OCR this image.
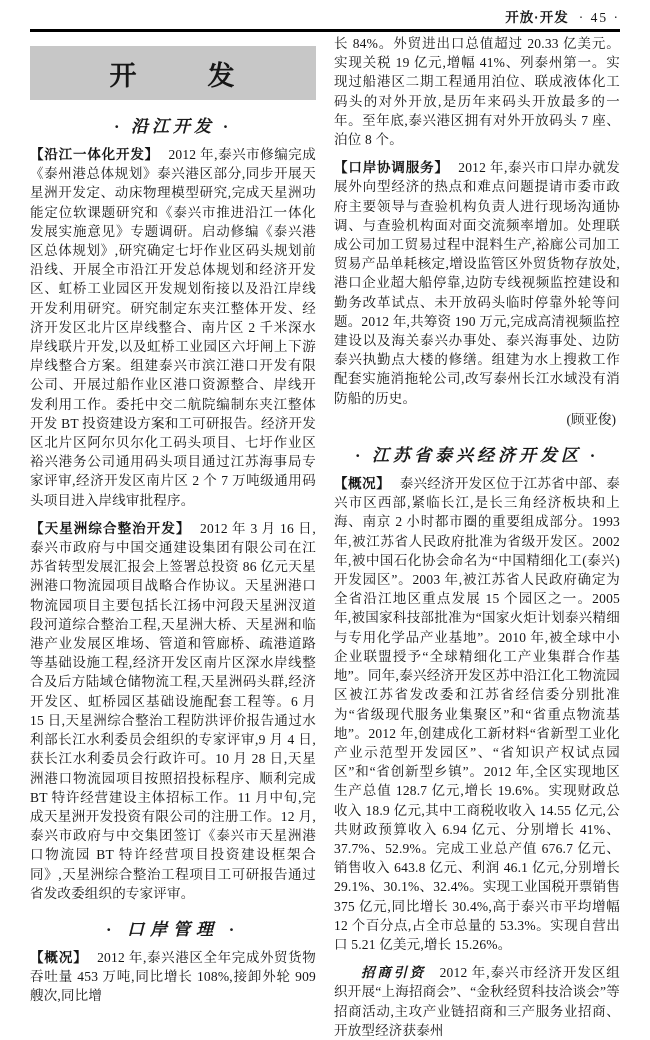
开放·开发 · 45 ·
开 发
· 沿江开发 ·

【沿江一体化开发】 2012 年,泰兴市修编完成《泰州港总体规划》泰兴港区部分,同步开展天星洲开发定、动床物理模型研究,完成天星洲功能定位软课题研究和《泰兴市推进沿江一体化发展实施意见》专题调研。启动修编《泰兴港区总体规划》,研究确定七圩作业区码头规划前沿线、开展全市沿江开发总体规划和经济开发区、虹桥工业园区开发规划衔接以及沿江岸线开发利用研究。研究制定东夹江整体开发、经济开发区北片区岸线整合、南片区 2 千米深水岸线联片开发,以及虹桥工业园区六圩闸上下游岸线整合方案。组建泰兴市滨江港口开发有限公司、开展过船作业区港口资源整合、岸线开发利用工作。委托中交二航院编制东夹江整体开发 BT 投资建设方案和工可研报告。经济开发区北片区阿尔贝尔化工码头项目、七圩作业区裕兴港务公司通用码头项目通过江苏海事局专家评审,经济开发区南片区 2 个 7 万吨级通用码头项目进入岸线审批程序。

【天星洲综合整治开发】 2012 年 3 月 16 日,泰兴市政府与中国交通建设集团有限公司在江苏省转型发展汇报会上签署总投资 86 亿元天星洲港口物流园项目战略合作协议。天星洲港口物流园项目主要包括长江扬中河段天星洲汊道段河道综合整治工程,天星洲大桥、天星洲和临港产业发展区堆场、管道和管廊桥、疏港道路等基础设施工程,经济开发区南片区深水岸线整合及后方陆域仓储物流工程,天星洲码头群,经济开发区、虹桥园区基础设施配套工程等。6 月 15 日,天星洲综合整治工程防洪评价报告通过水利部长江水利委员会组织的专家评审,9 月 4 日,获长江水利委员会行政许可。10 月 28 日,天星洲港口物流园项目按照招投标程序、顺利完成 BT 特许经营建设主体招标工作。11 月中旬,完成天星洲开发投资有限公司的注册工作。12 月,泰兴市政府与中交集团签订《泰兴市天星洲港口物流园 BT 特许经营项目投资建设框架合同》,天星洲综合整治工程项目工可研报告通过省发改委组织的专家评审。

· 口岸管理 ·

【概况】 2012 年,泰兴港区全年完成外贸货物吞吐量 453 万吨,同比增长 108%,接卸外轮 909 艘次,同比增

长 84%。外贸进出口总值超过 20.33 亿美元。实现关税 19 亿元,增幅 41%、列泰州第一。实现过船港区二期工程通用泊位、联成液体化工码头的对外开放,是历年来码头开放最多的一年。至年底,泰兴港区拥有对外开放码头 7 座、泊位 8 个。

【口岸协调服务】 2012 年,泰兴市口岸办就发展外向型经济的热点和难点问题提请市委市政府主要领导与查验机构负责人进行现场沟通协调、与查验机构面对面交流频率增加。处理联成公司加工贸易过程中混料生产,裕廊公司加工贸易产品单耗核定,增设监管区外贸货物存放处,港口企业超大船停靠,边防专线视频监控建设和勤务改革试点、未开放码头临时停靠外轮等问题。2012 年,共筹资 190 万元,完成高清视频监控建设以及海关泰兴办事处、泰兴海事处、边防泰兴执勤点大楼的修缮。组建为水上搜救工作配套实施消拖轮公司,改写泰州长江水域没有消防船的历史。

(顾亚俊)

· 江苏省泰兴经济开发区 ·

【概况】 泰兴经济开发区位于江苏省中部、泰兴市区西部,紧临长江,是长三角经济板块和上海、南京 2 小时都市圈的重要组成部分。1993 年,被江苏省人民政府批准为省级开发区。2002 年,被中国石化协会命名为“中国精细化工(泰兴)开发园区”。2003 年,被江苏省人民政府确定为全省沿江地区重点发展 15 个园区之一。2005 年,被国家科技部批准为“国家火炬计划泰兴精细与专用化学品产业基地”。2010 年,被全球中小企业联盟授予“全球精细化工产业集群合作基地”。同年,泰兴经济开发区苏中沿江化工物流园区被江苏省发改委和江苏省经信委分别批准为“省级现代服务业集聚区”和“省重点物流基地”。2012 年,创建成化工新材料“省新型工业化产业示范型开发园区”、“省知识产权试点园区”和“省创新型乡镇”。2012 年,全区实现地区生产总值 128.7 亿元,增长 19.6%。实现财政总收入 18.9 亿元,其中工商税收收入 14.55 亿元,公共财政预算收入 6.94 亿元、分别增长 41%、37.7%、52.9%。完成工业总产值 676.7 亿元、销售收入 643.8 亿元、利润 46.1 亿元,分别增长 29.1%、30.1%、32.4%。实现工业国税开票销售 375 亿元,同比增长 30.4%,高于泰兴市平均增幅 12 个百分点,占全市总量的 53.3%。实现自营出口 5.21 亿美元,增长 15.26%。

招商引资 2012 年,泰兴市经济开发区组织开展“上海招商会”、“金秋经贸科技洽谈会”等招商活动,主攻产业链招商和三产服务业招商、开放型经济获泰州
